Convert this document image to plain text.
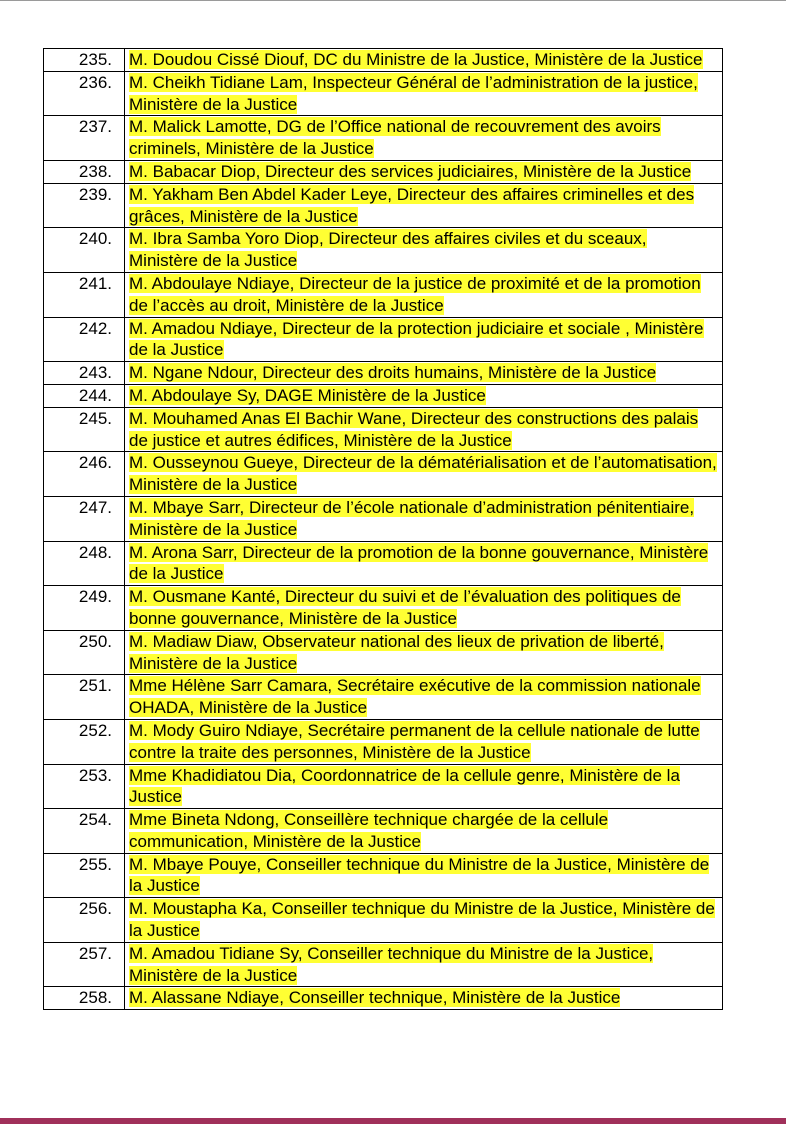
235.	M. Doudou Cissé Diouf, DC du Ministre de la Justice, Ministère de la Justice
236.	M. Cheikh Tidiane Lam, Inspecteur Général de l’administration de la justice, Ministère de la Justice
237.	M. Malick Lamotte, DG de l’Office national de recouvrement des avoirs criminels, Ministère de la Justice
238.	M. Babacar Diop, Directeur des services judiciaires, Ministère de la Justice
239.	M. Yakham Ben Abdel Kader Leye, Directeur des affaires criminelles et des grâces, Ministère de la Justice
240.	M. Ibra Samba Yoro Diop, Directeur des affaires civiles et du sceaux, Ministère de la Justice
241.	M. Abdoulaye Ndiaye, Directeur de la justice de proximité et de la promotion de l’accès au droit, Ministère de la Justice
242.	M. Amadou Ndiaye, Directeur de la protection judiciaire et sociale , Ministère de la Justice
243.	M. Ngane Ndour, Directeur des droits humains, Ministère de la Justice
244.	M. Abdoulaye Sy, DAGE Ministère de la Justice
245.	M. Mouhamed Anas El Bachir Wane, Directeur des constructions des palais de justice et autres édifices, Ministère de la Justice
246.	M. Ousseynou Gueye, Directeur de la dématérialisation et de l’automatisation, Ministère de la Justice
247.	M. Mbaye Sarr, Directeur de l’école nationale d’administration pénitentiaire, Ministère de la Justice
248.	M. Arona Sarr, Directeur de la promotion de la bonne gouvernance, Ministère de la Justice
249.	M. Ousmane Kanté, Directeur du suivi et de l’évaluation des politiques de bonne gouvernance, Ministère de la Justice
250.	M. Madiaw Diaw, Observateur national des lieux de privation de liberté, Ministère de la Justice
251.	Mme Hélène Sarr Camara, Secrétaire exécutive de la commission nationale OHADA, Ministère de la Justice
252.	M. Mody Guiro Ndiaye, Secrétaire permanent de la cellule nationale de lutte contre la traite des personnes, Ministère de la Justice
253.	Mme Khadidiatou Dia, Coordonnatrice de la cellule genre, Ministère de la Justice
254.	Mme Bineta Ndong, Conseillère technique chargée de la cellule communication, Ministère de la Justice
255.	M. Mbaye Pouye, Conseiller technique du Ministre de la Justice, Ministère de la Justice
256.	M. Moustapha Ka, Conseiller technique du Ministre de la Justice, Ministère de la Justice
257.	M. Amadou Tidiane Sy, Conseiller technique du Ministre de la Justice, Ministère de la Justice
258.	M. Alassane Ndiaye, Conseiller technique, Ministère de la Justice
